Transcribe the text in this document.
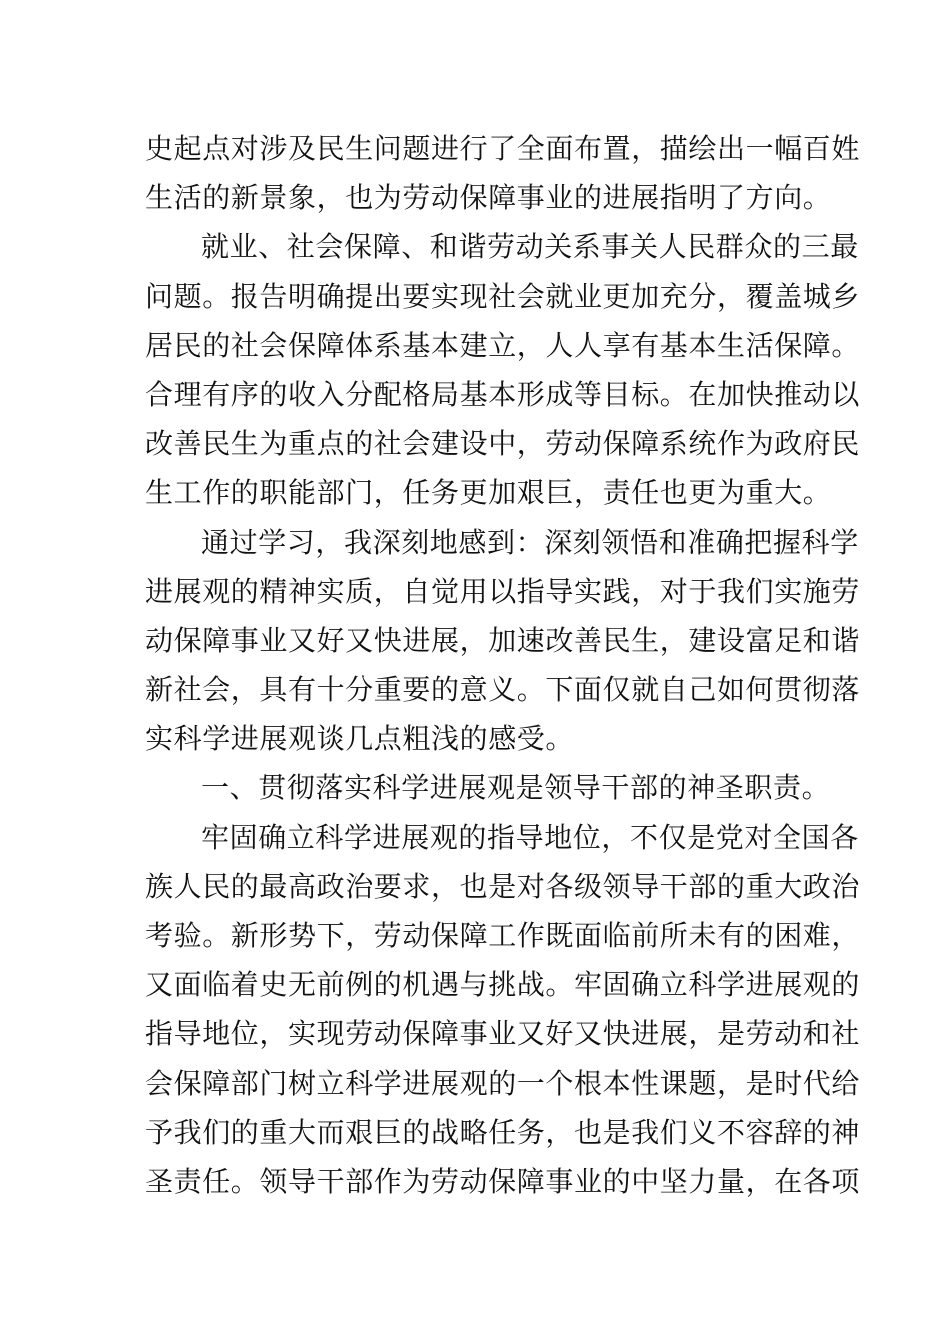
史起点对涉及民生问题进行了全面布置，描绘出一幅百姓
生活的新景象，也为劳动保障事业的进展指明了方向。
就业、社会保障、和谐劳动关系事关人民群众的三最
问题。报告明确提出要实现社会就业更加充分，覆盖城乡
居民的社会保障体系基本建立，人人享有基本生活保障。
合理有序的收入分配格局基本形成等目标。在加快推动以
改善民生为重点的社会建设中，劳动保障系统作为政府民
生工作的职能部门，任务更加艰巨，责任也更为重大。
通过学习，我深刻地感到：深刻领悟和准确把握科学
进展观的精神实质，自觉用以指导实践，对于我们实施劳
动保障事业又好又快进展，加速改善民生，建设富足和谐
新社会，具有十分重要的意义。下面仅就自己如何贯彻落
实科学进展观谈几点粗浅的感受。
一、贯彻落实科学进展观是领导干部的神圣职责。
牢固确立科学进展观的指导地位，不仅是党对全国各
族人民的最高政治要求，也是对各级领导干部的重大政治
考验。新形势下，劳动保障工作既面临前所未有的困难，
又面临着史无前例的机遇与挑战。牢固确立科学进展观的
指导地位，实现劳动保障事业又好又快进展，是劳动和社
会保障部门树立科学进展观的一个根本性课题，是时代给
予我们的重大而艰巨的战略任务，也是我们义不容辞的神
圣责任。领导干部作为劳动保障事业的中坚力量，在各项
